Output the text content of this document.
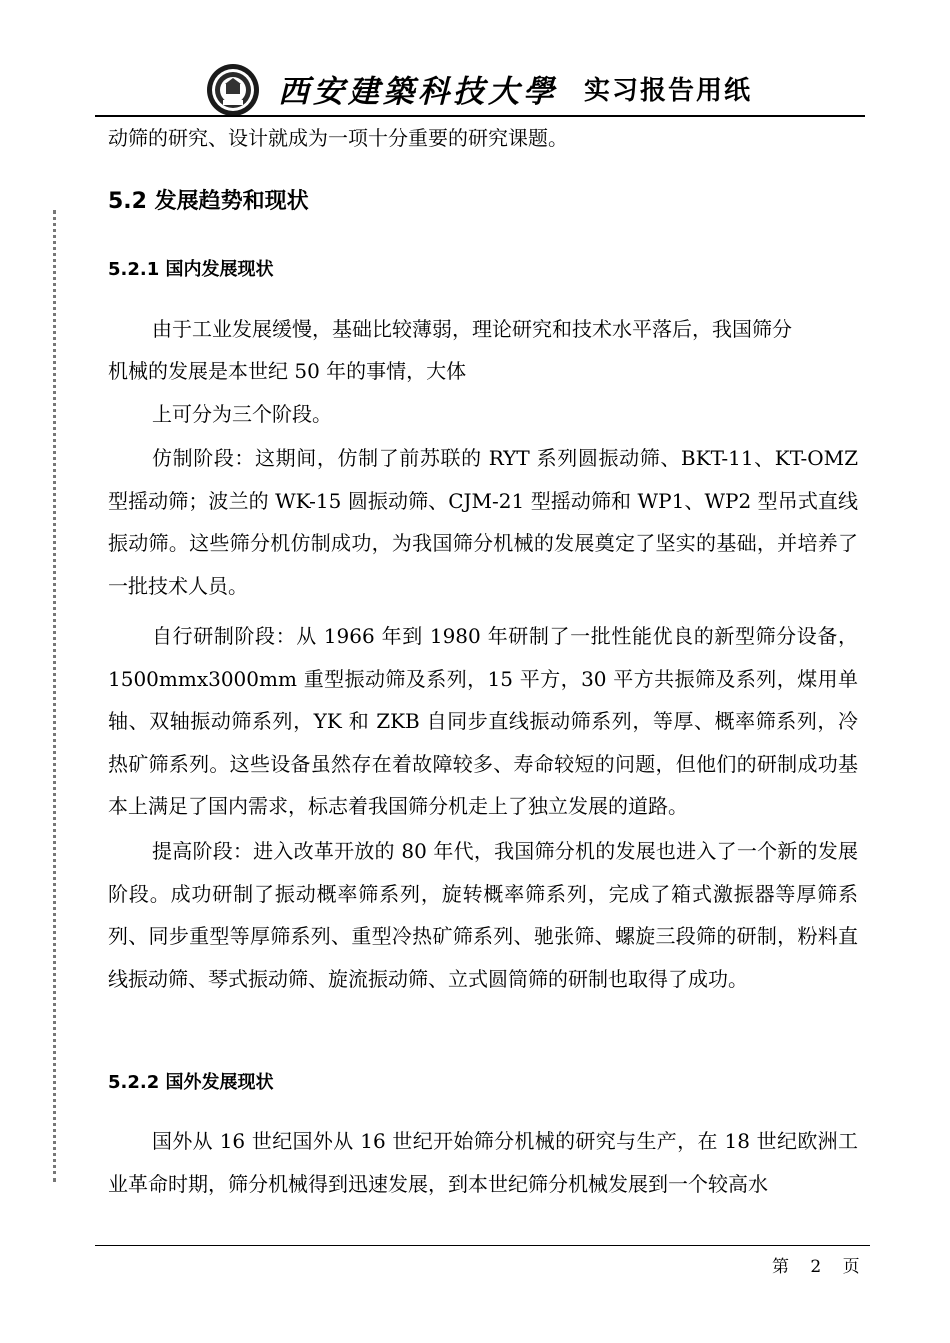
西安建築科技大學 实习报告用纸

动筛的研究、设计就成为一项十分重要的研究课题。

5.2 发展趋势和现状
5.2.1 国内发展现状

由于工业发展缓慢，基础比较薄弱，理论研究和技术水平落后，我国筛分

机械的发展是本世纪 50 年的事情，大体

上可分为三个阶段。

仿制阶段：这期间，仿制了前苏联的 RYT 系列圆振动筛、BKT-11、KT-OMZ 型摇动筛；波兰的 WK-15 圆振动筛、CJM-21 型摇动筛和 WP1、WP2 型吊式直线振动筛。这些筛分机仿制成功，为我国筛分机械的发展奠定了坚实的基础，并培养了一批技术人员。

自行研制阶段：从 1966 年到 1980 年研制了一批性能优良的新型筛分设备，1500mmx3000mm 重型振动筛及系列，15 平方，30 平方共振筛及系列，煤用单轴、双轴振动筛系列，YK 和 ZKB 自同步直线振动筛系列，等厚、概率筛系列，冷热矿筛系列。这些设备虽然存在着故障较多、寿命较短的问题，但他们的研制成功基本上满足了国内需求，标志着我国筛分机走上了独立发展的道路。

提高阶段：进入改革开放的 80 年代，我国筛分机的发展也进入了一个新的发展阶段。成功研制了振动概率筛系列，旋转概率筛系列，完成了箱式激振器等厚筛系列、同步重型等厚筛系列、重型冷热矿筛系列、驰张筛、螺旋三段筛的研制，粉料直线振动筛、琴式振动筛、旋流振动筛、立式圆筒筛的研制也取得了成功。

5.2.2 国外发展现状

国外从 16 世纪国外从 16 世纪开始筛分机械的研究与生产，在 18 世纪欧洲工业革命时期，筛分机械得到迅速发展，到本世纪筛分机械发展到一个较高水

第 2 页
